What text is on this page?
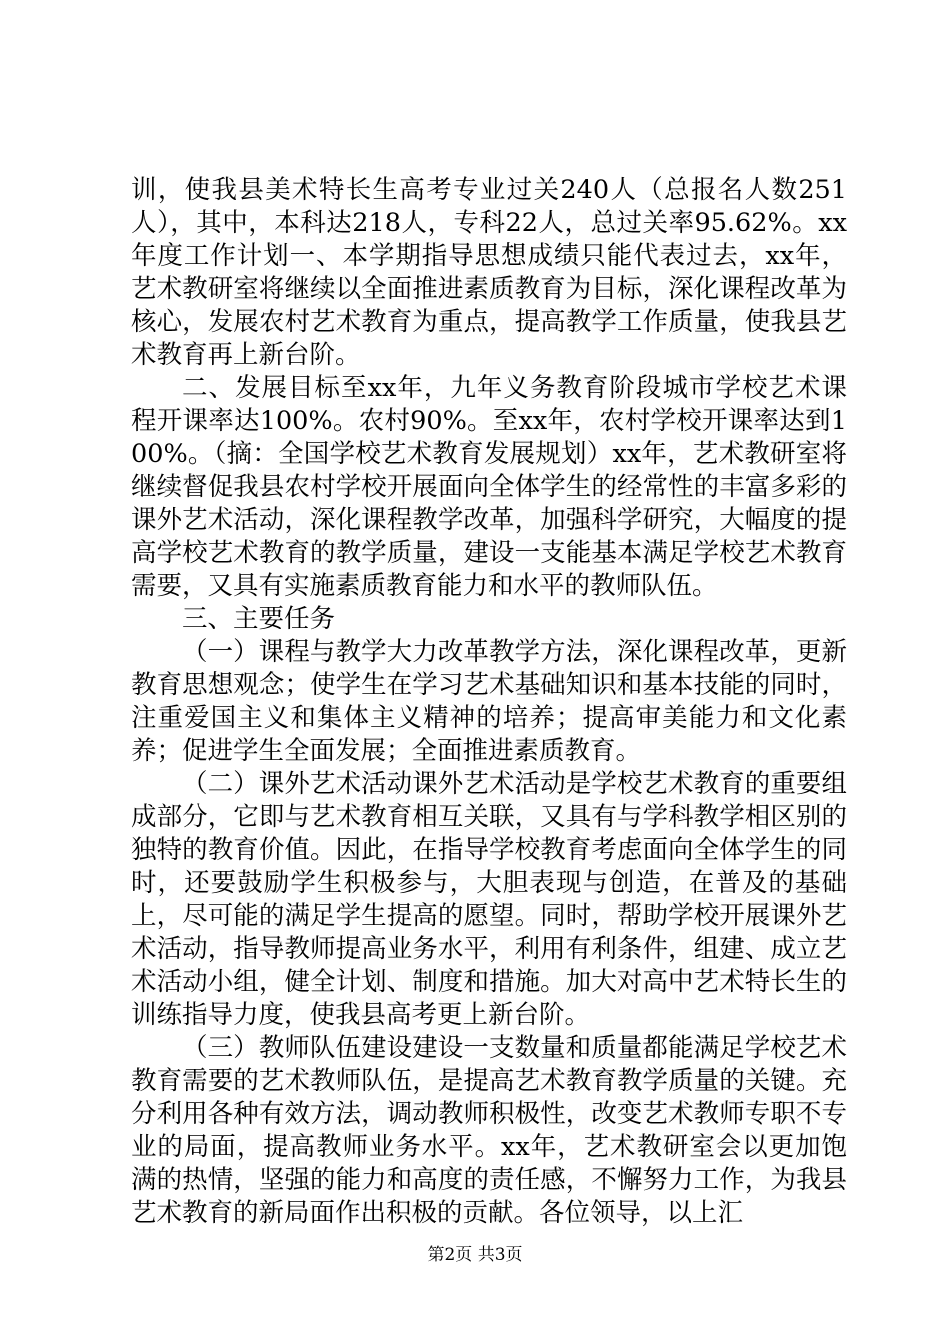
训，使我县美术特长生高考专业过关240人（总报名人数251人），其中，本科达218人，专科22人，总过关率95.62%。xx年度工作计划一、本学期指导思想成绩只能代表过去，xx年，艺术教研室将继续以全面推进素质教育为目标，深化课程改革为核心，发展农村艺术教育为重点，提高教学工作质量，使我县艺术教育再上新台阶。

二、发展目标至xx年，九年义务教育阶段城市学校艺术课程开课率达100%。农村90%。至xx年，农村学校开课率达到100%。（摘：全国学校艺术教育发展规划）xx年，艺术教研室将继续督促我县农村学校开展面向全体学生的经常性的丰富多彩的课外艺术活动，深化课程教学改革，加强科学研究，大幅度的提高学校艺术教育的教学质量，建设一支能基本满足学校艺术教育需要，又具有实施素质教育能力和水平的教师队伍。

三、主要任务

（一）课程与教学大力改革教学方法，深化课程改革，更新教育思想观念；使学生在学习艺术基础知识和基本技能的同时，注重爱国主义和集体主义精神的培养；提高审美能力和文化素养；促进学生全面发展；全面推进素质教育。

（二）课外艺术活动课外艺术活动是学校艺术教育的重要组成部分，它即与艺术教育相互关联，又具有与学科教学相区别的独特的教育价值。因此，在指导学校教育考虑面向全体学生的同时，还要鼓励学生积极参与，大胆表现与创造，在普及的基础上，尽可能的满足学生提高的愿望。同时，帮助学校开展课外艺术活动，指导教师提高业务水平，利用有利条件，组建、成立艺术活动小组，健全计划、制度和措施。加大对高中艺术特长生的训练指导力度，使我县高考更上新台阶。

（三）教师队伍建设建设一支数量和质量都能满足学校艺术教育需要的艺术教师队伍，是提高艺术教育教学质量的关键。充分利用各种有效方法，调动教师积极性，改变艺术教师专职不专业的局面，提高教师业务水平。xx年，艺术教研室会以更加饱满的热情，坚强的能力和高度的责任感，不懈努力工作，为我县艺术教育的新局面作出积极的贡献。各位领导，以上汇

第2页 共3页
